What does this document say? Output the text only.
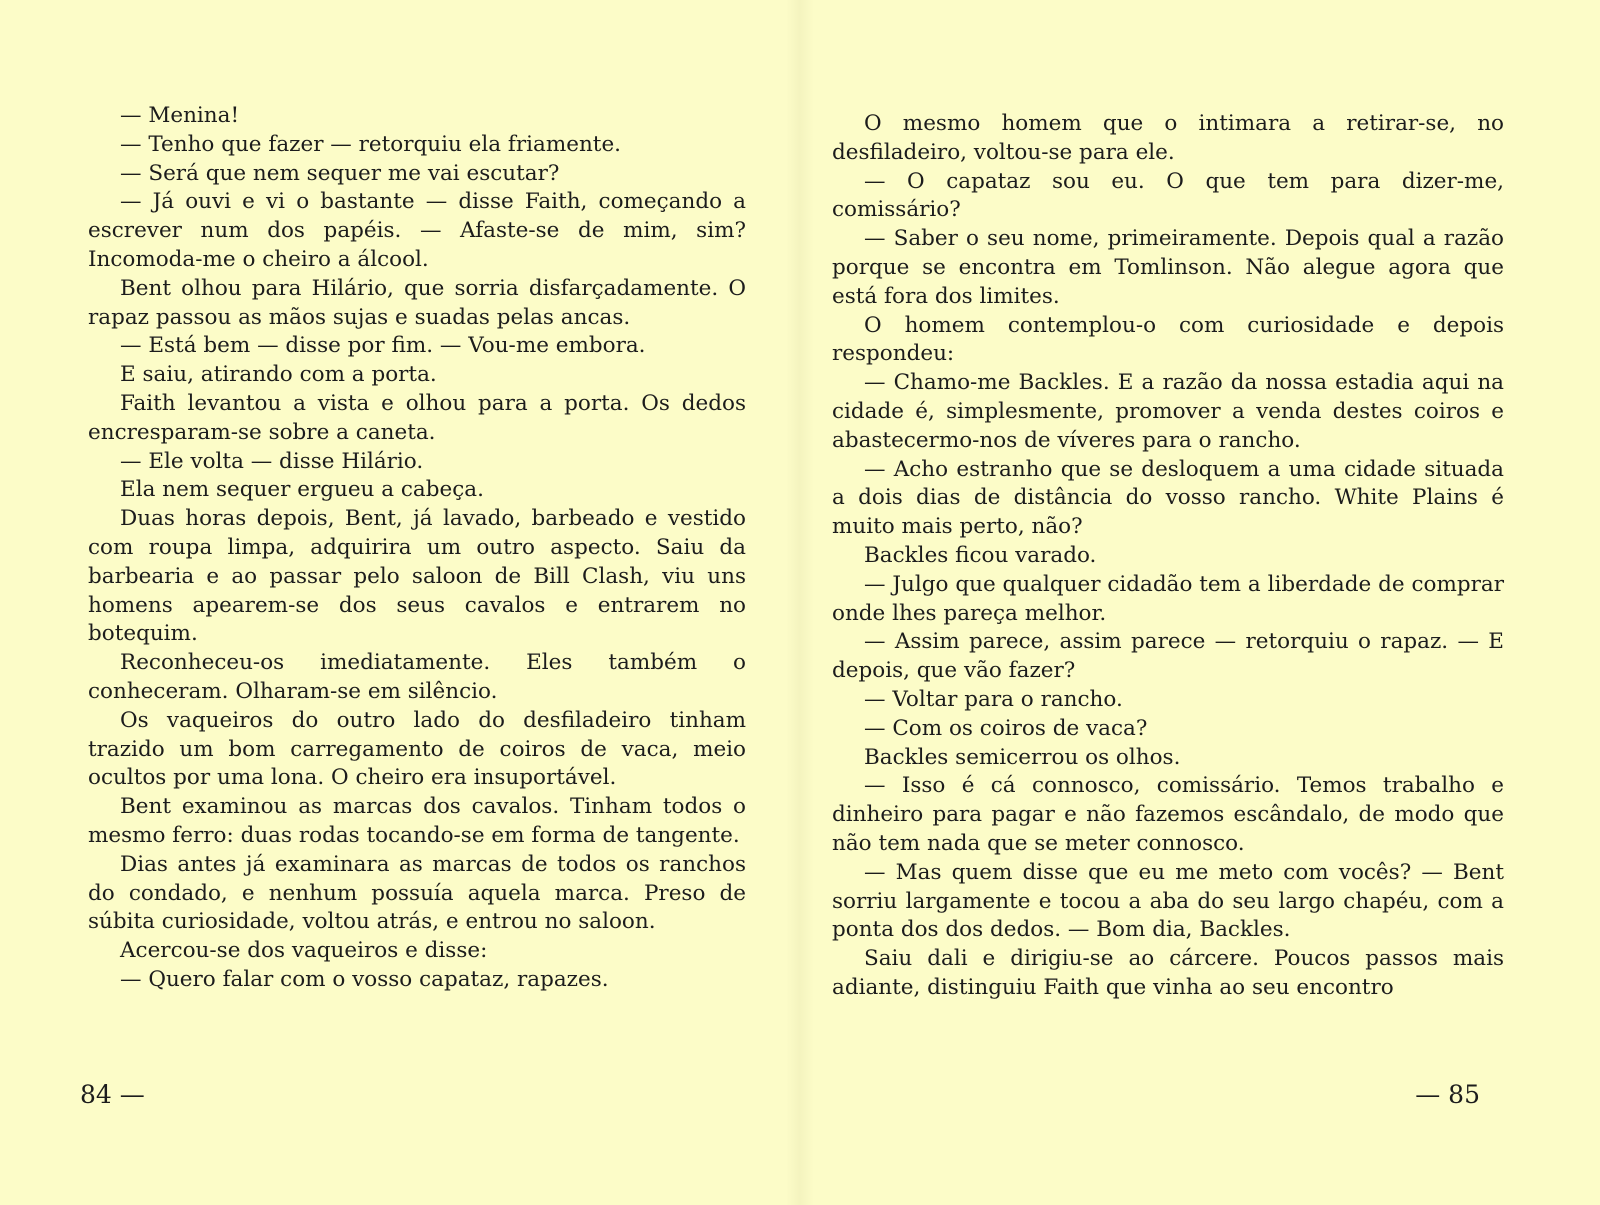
— Menina!

— Tenho que fazer — retorquiu ela friamente.

— Será que nem sequer me vai escutar?

— Já ouvi e vi o bastante — disse Faith, começando a escrever num dos papéis. — Afaste-se de mim, sim? Incomoda-me o cheiro a álcool.

Bent olhou para Hilário, que sorria disfarçadamente. O rapaz passou as mãos sujas e suadas pelas ancas.

— Está bem — disse por fim. — Vou-me embora.

E saiu, atirando com a porta.

Faith levantou a vista e olhou para a porta. Os dedos encresparam-se sobre a caneta.

— Ele volta — disse Hilário.

Ela nem sequer ergueu a cabeça.

Duas horas depois, Bent, já lavado, barbeado e vestido com roupa limpa, adquirira um outro aspecto. Saiu da barbearia e ao passar pelo saloon de Bill Clash, viu uns homens apearem-se dos seus cavalos e entrarem no botequim.

Reconheceu-os imediatamente. Eles também o conheceram. Olharam-se em silêncio.

Os vaqueiros do outro lado do desfiladeiro tinham trazido um bom carregamento de coiros de vaca, meio ocultos por uma lona. O cheiro era insuportável.

Bent examinou as marcas dos cavalos. Tinham todos o mesmo ferro: duas rodas tocando-se em forma de tangente.

Dias antes já examinara as marcas de todos os ranchos do condado, e nenhum possuía aquela marca. Preso de súbita curiosidade, voltou atrás, e entrou no saloon.

Acercou-se dos vaqueiros e disse:

— Quero falar com o vosso capataz, rapazes.

84 —

O mesmo homem que o intimara a retirar-se, no desfiladeiro, voltou-se para ele.

— O capataz sou eu. O que tem para dizer-me, comissário?

— Saber o seu nome, primeiramente. Depois qual a razão porque se encontra em Tomlinson. Não alegue agora que está fora dos limites.

O homem contemplou-o com curiosidade e depois respondeu:

— Chamo-me Backles. E a razão da nossa estadia aqui na cidade é, simplesmente, promover a venda destes coiros e abastecermo-nos de víveres para o rancho.

— Acho estranho que se desloquem a uma cidade situada a dois dias de distância do vosso rancho. White Plains é muito mais perto, não?

Backles ficou varado.

— Julgo que qualquer cidadão tem a liberdade de comprar onde lhes pareça melhor.

— Assim parece, assim parece — retorquiu o rapaz. — E depois, que vão fazer?

— Voltar para o rancho.

— Com os coiros de vaca?

Backles semicerrou os olhos.

— Isso é cá connosco, comissário. Temos trabalho e dinheiro para pagar e não fazemos escândalo, de modo que não tem nada que se meter connosco.

— Mas quem disse que eu me meto com vocês? — Bent sorriu largamente e tocou a aba do seu largo chapéu, com a ponta dos dos dedos. — Bom dia, Backles.

Saiu dali e dirigiu-se ao cárcere. Poucos passos mais adiante, distinguiu Faith que vinha ao seu encontro

— 85
